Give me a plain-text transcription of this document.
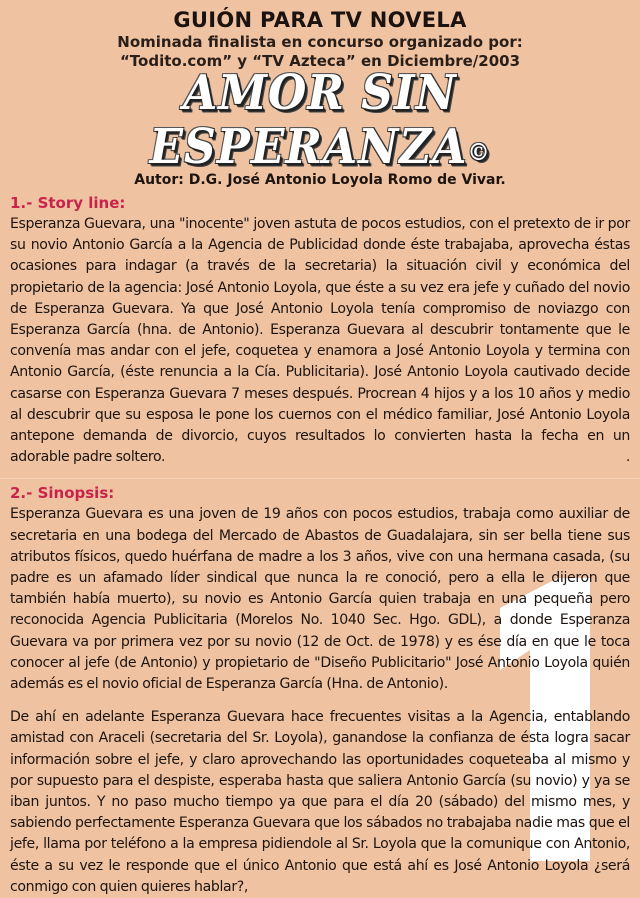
GUIÓN PARA TV NOVELA

Nominada finalista en concurso organizado por:

“Todito.com” y “TV Azteca” en Diciembre/2003

AMOR SIN ESPERANZA©

Autor: D.G. José Antonio Loyola Romo de Vivar.

1.- Story line:

Esperanza Guevara, una "inocente" joven astuta de pocos estudios, con el pretexto de ir por su novio Antonio García a la Agencia de Publicidad donde éste trabajaba, aprovecha éstas ocasiones para indagar (a través de la secretaria) la situación civil y económica del propietario de la agencia: José Antonio Loyola, que éste a su vez era jefe y cuñado del novio de Esperanza Guevara. Ya que José Antonio Loyola tenía compromiso de noviazgo con Esperanza García (hna. de Antonio). Esperanza Guevara al descubrir tontamente que le convenía mas andar con el jefe, coquetea y enamora a José Antonio Loyola y termina con Antonio García, (éste renuncia a la Cía. Publicitaria). José Antonio Loyola cautivado decide casarse con Esperanza Guevara 7 meses después. Procrean 4 hijos y a los 10 años y medio al descubrir que su esposa le pone los cuernos con el médico familiar, José Antonio Loyola antepone demanda de divorcio, cuyos resultados lo convierten hasta la fecha en un adorable padre soltero.	.

2.- Sinopsis:

Esperanza Guevara es una joven de 19 años con pocos estudios, trabaja como auxiliar de secretaria en una bodega del Mercado de Abastos de Guadalajara, sin ser bella tiene sus atributos físicos, quedo huérfana de madre a los 3 años, vive con una hermana casada, (su padre es un afamado líder sindical que nunca la re conoció, pero a ella le dijeron que también había muerto), su novio es Antonio García quien trabaja en una pequeña pero reconocida Agencia Publicitaria (Morelos No. 1040 Sec. Hgo. GDL), a donde Esperanza Guevara va por primera vez por su novio (12 de Oct. de 1978) y es ése día en que le toca conocer al jefe (de Antonio) y propietario de "Diseño Publicitario" José Antonio Loyola quién además es el novio oficial de Esperanza García (Hna. de Antonio).

De ahí en adelante Esperanza Guevara hace frecuentes visitas a la Agencia, entablando amistad con Araceli (secretaria del Sr. Loyola), ganandose la confianza de ésta logra sacar información sobre el jefe, y claro aprovechando las oportunidades coqueteaba al mismo y por supuesto para el despiste, esperaba hasta que saliera Antonio García (su novio) y ya se iban juntos. Y no paso mucho tiempo ya que para el día 20 (sábado) del mismo mes, y sabiendo perfectamente Esperanza Guevara que los sábados no trabajaba nadie mas que el jefe, llama por teléfono a la empresa pidiendole al Sr. Loyola que la comunique con Antonio, éste a su vez le responde que el único Antonio que está ahí es José Antonio Loyola ¿será conmigo con quien quieres hablar?,
